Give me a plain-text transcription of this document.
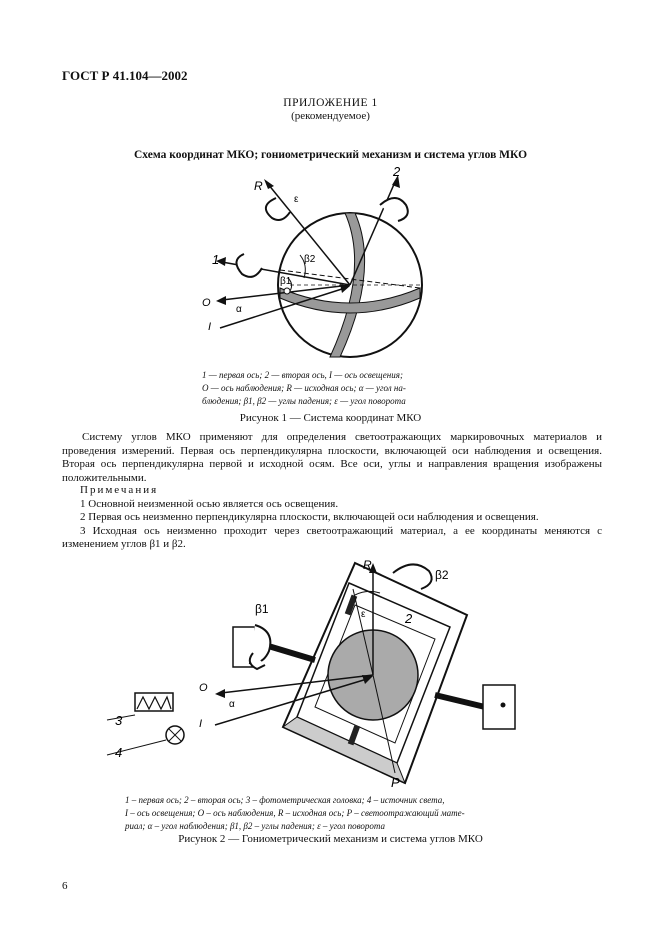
ГОСТ Р 41.104—2002
ПРИЛОЖЕНИЕ 1
(рекомендуемое)
Схема координат МКО; гониометрический механизм и система углов МКО
R
ε
2
1	β2
β1
O
α
I
1 — первая ось; 2 — вторая ось, I — ось освещения;
O — ось наблюдения; R — исходная ось; α — угол на-
блюдения; β1, β2 — углы падения; ε — угол поворота
Рисунок 1 — Система координат МКО
Систему углов МКО применяют для определения светоотражающих маркировочных материалов и проведения измерений. Первая ось перпендикулярна плоскости, включающей оси наблюдения и освещения. Вторая ось перпендикулярна первой и исходной осям. Все оси, углы и направления вращения изображены положительными.
Примечания
1 Основной неизменной осью является ось освещения.
2 Первая ось неизменно перпендикулярна плоскости, включающей оси наблюдения и освещения.
3 Исходная ось неизменно проходит через светоотражающий материал, а ее координаты меняются с изменением углов β1 и β2.
R
β2
ε	2
β1
O
α
I
3
4
P
1 – первая ось; 2 – вторая ось; 3 – фотометрическая головка; 4 – источник света,
I – ось освещения; O – ось наблюдения, R – исходная ось; P – светоотражающий мате-
риал; α – угол наблюдения; β1, β2 – углы падения; ε – угол поворота
Рисунок 2 — Гониометрический механизм и система углов МКО
6
